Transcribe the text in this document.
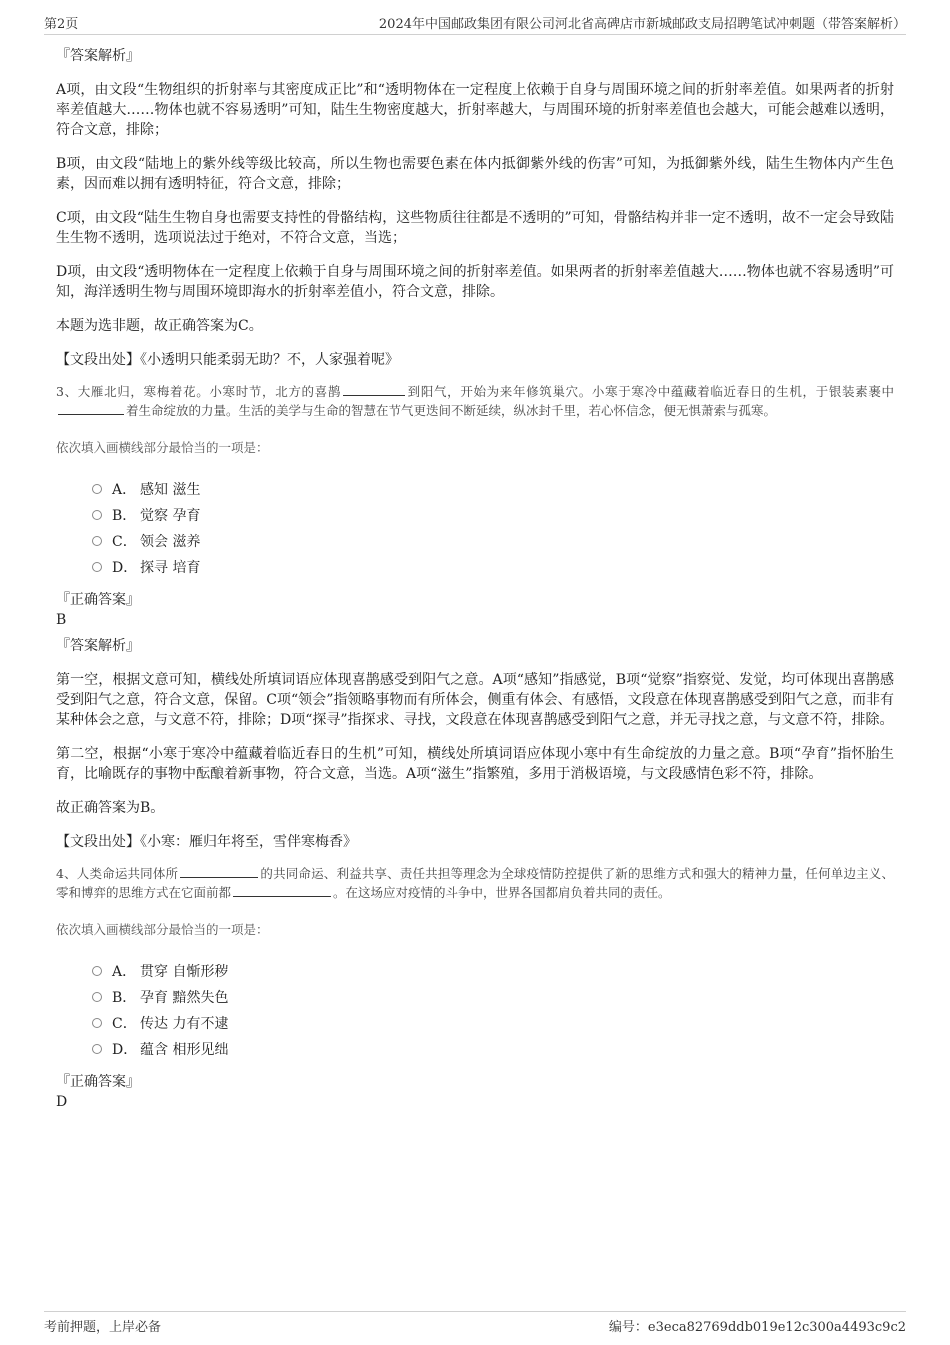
第2页	2024年中国邮政集团有限公司河北省高碑店市新城邮政支局招聘笔试冲刺题（带答案解析）

『答案解析』

A项，由文段“生物组织的折射率与其密度成正比”和“透明物体在一定程度上依赖于自身与周围环境之间的折射率差值。如果两者的折射率差值越大……物体也就不容易透明”可知，陆生生物密度越大，折射率越大，与周围环境的折射率差值也会越大，可能会越难以透明，符合文意，排除；

B项，由文段“陆地上的紫外线等级比较高，所以生物也需要色素在体内抵御紫外线的伤害”可知，为抵御紫外线，陆生生物体内产生色素，因而难以拥有透明特征，符合文意，排除；

C项，由文段“陆生生物自身也需要支持性的骨骼结构，这些物质往往都是不透明的”可知，骨骼结构并非一定不透明，故不一定会导致陆生生物不透明，选项说法过于绝对，不符合文意，当选；

D项，由文段“透明物体在一定程度上依赖于自身与周围环境之间的折射率差值。如果两者的折射率差值越大……物体也就不容易透明”可知，海洋透明生物与周围环境即海水的折射率差值小，符合文意，排除。

本题为选非题，故正确答案为C。

【文段出处】《小透明只能柔弱无助？不，人家强着呢》

3、大雁北归，寒梅着花。小寒时节，北方的喜鹊	到阳气，开始为来年修筑巢穴。小寒于寒冷中蕴藏着临近春日的生机，于银装素裹中着生命绽放的力量。生活的美学与生命的智慧在节气更迭间不断延续，纵冰封千里，若心怀信念，便无惧萧索与孤寒。

依次填入画横线部分最恰当的一项是：

A． 感知 滋生
B． 觉察 孕育
C． 领会 滋养
D． 探寻 培育

『正确答案』

B

『答案解析』

第一空，根据文意可知，横线处所填词语应体现喜鹊感受到阳气之意。A项“感知”指感觉，B项“觉察”指察觉、发觉，均可体现出喜鹊感受到阳气之意，符合文意，保留。C项“领会”指领略事物而有所体会，侧重有体会、有感悟，文段意在体现喜鹊感受到阳气之意，而非有某种体会之意，与文意不符，排除；D项“探寻”指探求、寻找，文段意在体现喜鹊感受到阳气之意，并无寻找之意，与文意不符，排除。

第二空，根据“小寒于寒冷中蕴藏着临近春日的生机”可知，横线处所填词语应体现小寒中有生命绽放的力量之意。B项“孕育”指怀胎生育，比喻既存的事物中酝酿着新事物，符合文意，当选。A项“滋生”指繁殖，多用于消极语境，与文段感情色彩不符，排除。

故正确答案为B。

【文段出处】《小寒：雁归年将至，雪伴寒梅香》

4、人类命运共同体所	的共同命运、利益共享、责任共担等理念为全球疫情防控提供了新的思维方式和强大的精神力量，任何单边主义、零和博弈的思维方式在它面前都	。在这场应对疫情的斗争中，世界各国都肩负着共同的责任。

依次填入画横线部分最恰当的一项是：

A． 贯穿 自惭形秽
B． 孕育 黯然失色
C． 传达 力有不逮
D． 蕴含 相形见绌

『正确答案』

D

考前押题，上岸必备	编号：e3eca82769ddb019e12c300a4493c9c2
